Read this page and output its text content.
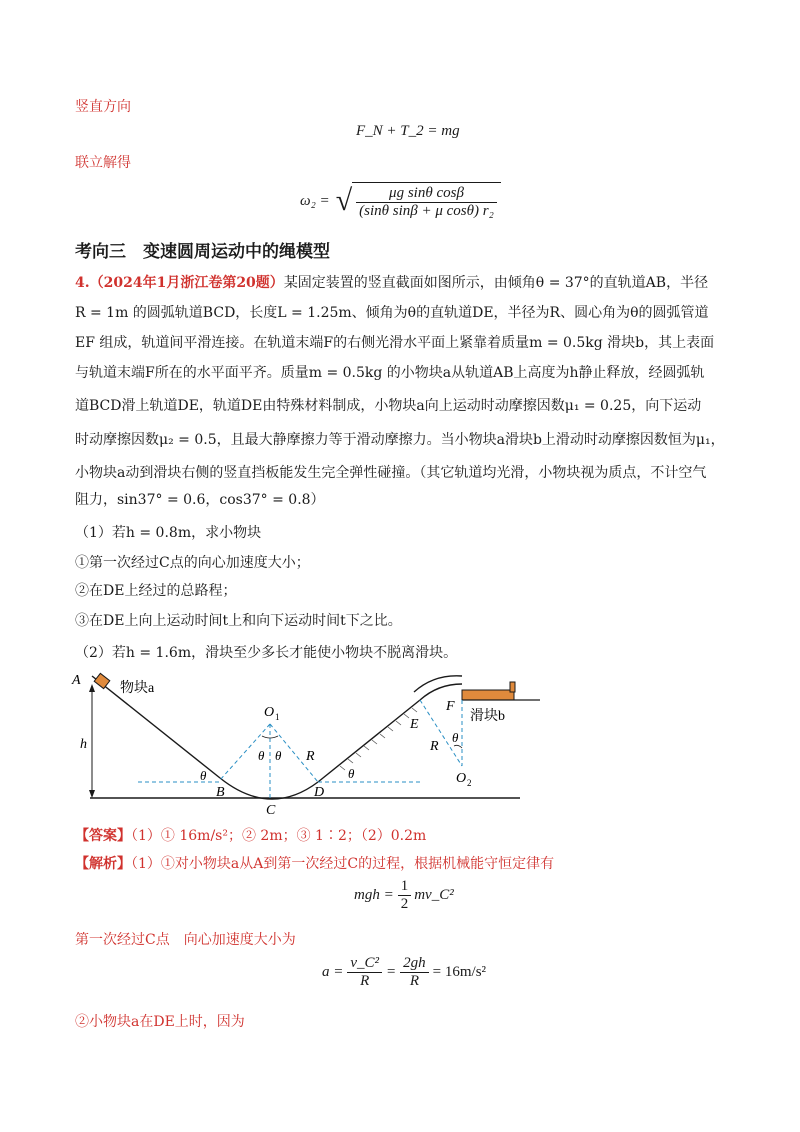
竖直方向
F_N + T_2 = mg
联立解得
ω₂ = √ $\frac{\text{μg sinθ cosβ}}{\text{(sinθ sinβ + μ cosθ) r₂}}$
考向三　变速圆周运动中的绳模型
4.（2024年1月浙江卷第20题）某固定装置的竖直截面如图所示，由倾角θ = 37°的直轨道AB，半径
R = 1m 的圆弧轨道BCD，长度L = 1.25m、倾角为θ的直轨道DE，半径为R、圆心角为θ的圆弧管道
EF 组成，轨道间平滑连接。在轨道末端F的右侧光滑水平面上紧靠着质量m = 0.5kg 滑块b，其上表面
与轨道末端F所在的水平面平齐。质量m = 0.5kg 的小物块a从轨道AB上高度为h静止释放，经圆弧轨
道BCD滑上轨道DE，轨道DE由特殊材料制成，小物块a向上运动时动摩擦因数μ₁ = 0.25，向下运动
时动摩擦因数μ₂ = 0.5，且最大静摩擦力等于滑动摩擦力。当小物块a滑块b上滑动时动摩擦因数恒为μ₁，
小物块a动到滑块右侧的竖直挡板能发生完全弹性碰撞。（其它轨道均光滑，小物块视为质点，不计空气
阻力，sin37° = 0.6，cos37° = 0.8）
（1）若h = 0.8m，求小物块
①第一次经过C点的向心加速度大小；
②在DE上经过的总路程；
③在DE上向上运动时间t上和向下运动时间t下之比。
（2）若h = 1.6m，滑块至少多长才能使小物块不脱离滑块。
A
物块a
h
O 1
θ θ R
θ	θ
B
C
D
E
F
滑块b
R
θ
O 2
【答案】（1）① 16m/s²；② 2m；③ 1∶2；（2）0.2m
【解析】（1）①对小物块a从A到第一次经过C的过程，根据机械能守恒定律有
mgh = $\frac{1}{2}$ mv_C²
第一次经过C点　向心加速度大小为
$a = \frac{\text{v\_C²}}{R} = \frac{2gh}{R} = 16m/s^2$
②小物块a在DE上时，因为
